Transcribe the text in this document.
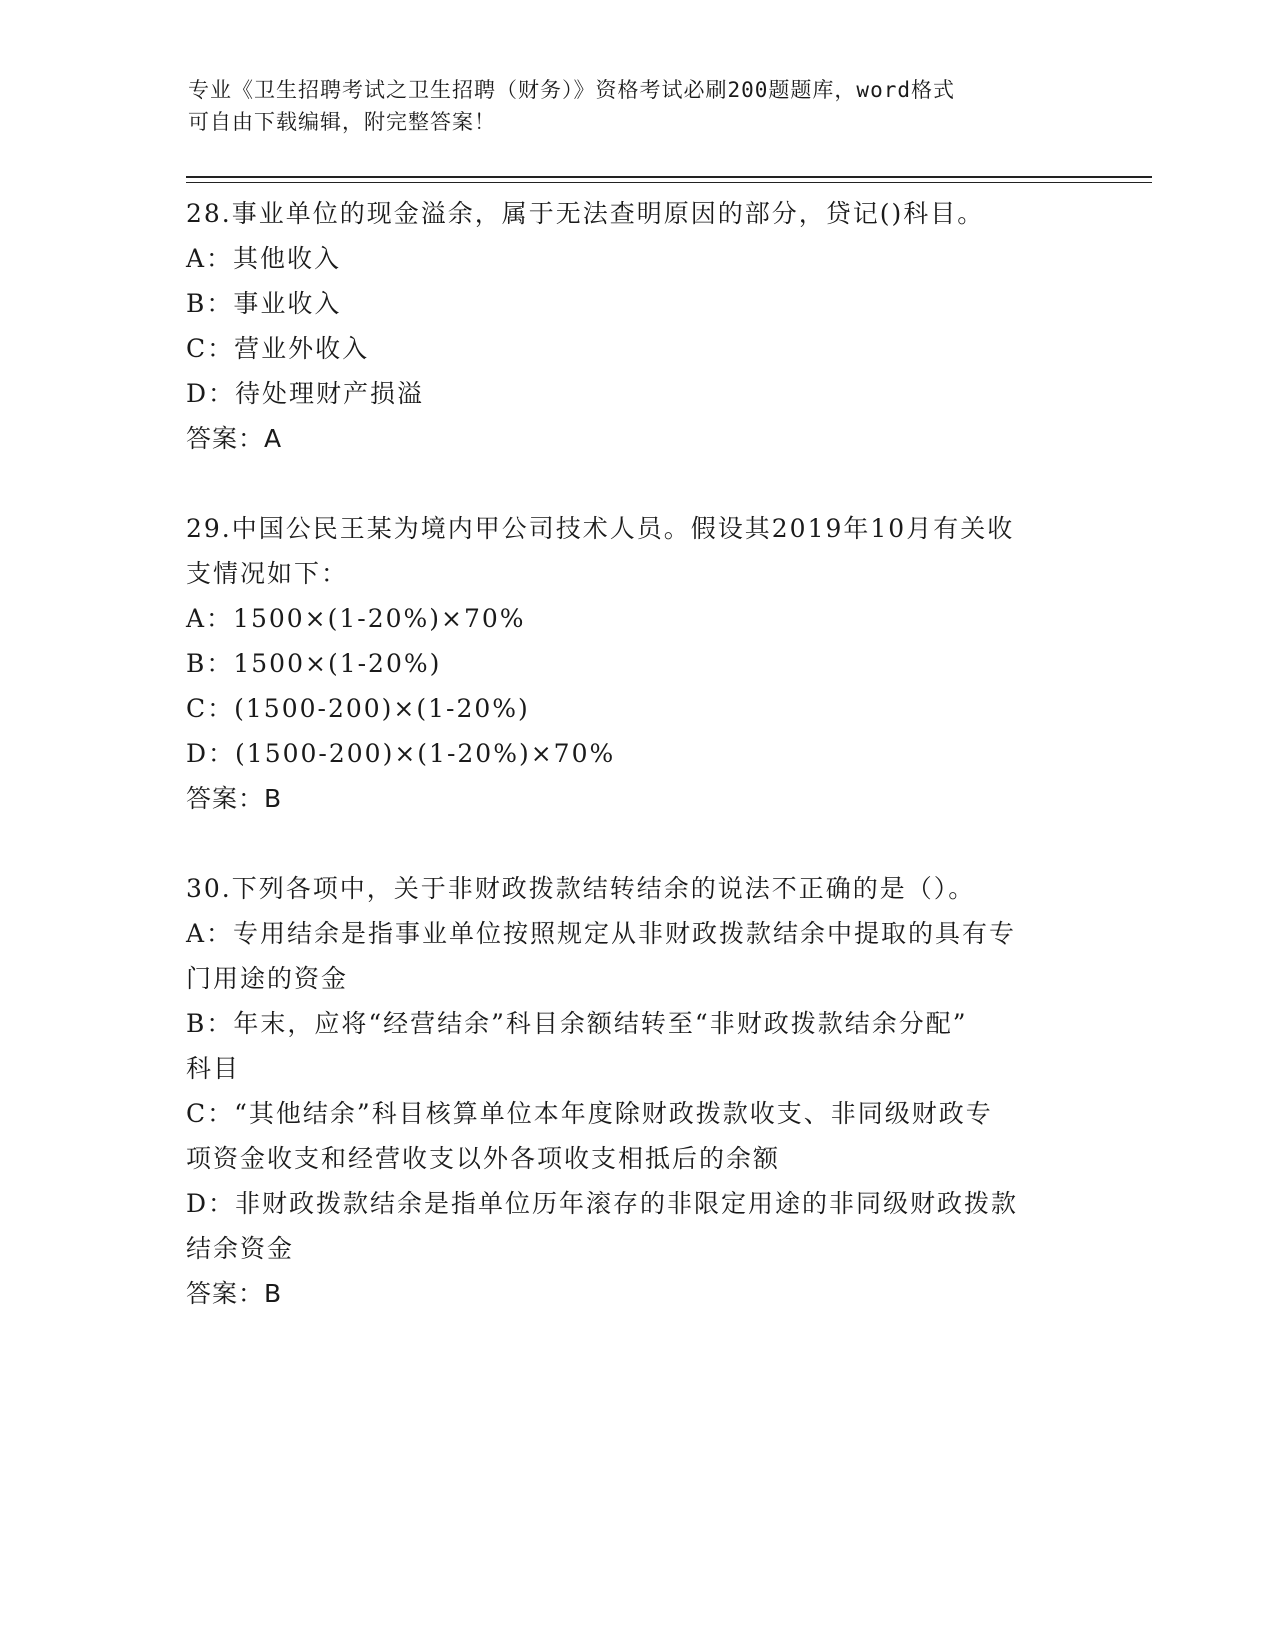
专业《卫生招聘考试之卫生招聘（财务）》资格考试必刷200题题库，word格式
可自由下载编辑，附完整答案！
28.事业单位的现金溢余，属于无法查明原因的部分，贷记()科目。
A：其他收入
B：事业收入
C：营业外收入
D：待处理财产损溢
答案：A
29.中国公民王某为境内甲公司技术人员。假设其2019年10月有关收
支情况如下：
A：1500×(1-20%)×70%
B：1500×(1-20%)
C：(1500-200)×(1-20%)
D：(1500-200)×(1-20%)×70%
答案：B
30.下列各项中，关于非财政拨款结转结余的说法不正确的是（）。
A：专用结余是指事业单位按照规定从非财政拨款结余中提取的具有专
门用途的资金
B：年末，应将“经营结余”科目余额结转至“非财政拨款结余分配”
科目
C：“其他结余”科目核算单位本年度除财政拨款收支、非同级财政专
项资金收支和经营收支以外各项收支相抵后的余额
D：非财政拨款结余是指单位历年滚存的非限定用途的非同级财政拨款
结余资金
答案：B
